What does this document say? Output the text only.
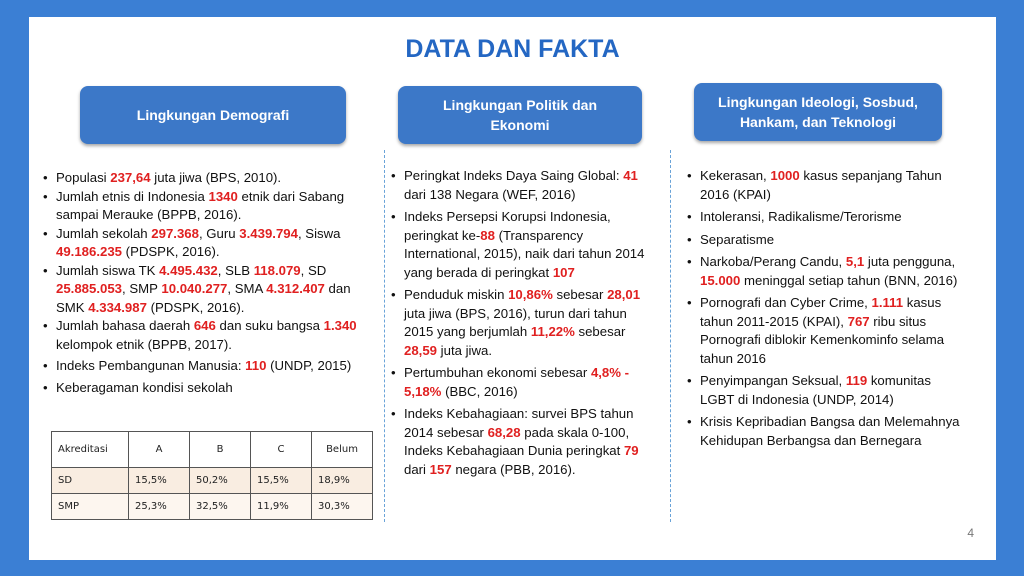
DATA DAN FAKTA
Lingkungan Demografi
Lingkungan Politik dan Ekonomi
Lingkungan Ideologi, Sosbud, Hankam, dan Teknologi
• Populasi 237,64 juta jiwa (BPS, 2010).
• Jumlah etnis di Indonesia 1340 etnik dari Sabang sampai Merauke (BPPB, 2016).
• Jumlah sekolah 297.368, Guru 3.439.794, Siswa 49.186.235 (PDSPK, 2016).
• Jumlah siswa TK 4.495.432, SLB 118.079, SD 25.885.053, SMP 10.040.277, SMA 4.312.407 dan SMK 4.334.987 (PDSPK, 2016).
• Jumlah bahasa daerah 646 dan suku bangsa 1.340 kelompok etnik (BPPB, 2017).
• Indeks Pembangunan Manusia: 110 (UNDP, 2015)
• Keberagaman kondisi sekolah
• Peringkat Indeks Daya Saing Global: 41 dari 138 Negara (WEF, 2016)
• Indeks Persepsi Korupsi Indonesia, peringkat ke-88 (Transparency International, 2015), naik dari tahun 2014 yang berada di peringkat 107
• Penduduk miskin 10,86% sebesar 28,01 juta jiwa (BPS, 2016), turun dari tahun 2015 yang berjumlah 11,22% sebesar 28,59 juta jiwa.
• Pertumbuhan ekonomi sebesar 4,8% - 5,18% (BBC, 2016)
• Indeks Kebahagiaan: survei BPS tahun 2014 sebesar 68,28 pada skala 0-100, Indeks Kebahagiaan Dunia peringkat 79 dari 157 negara (PBB, 2016).
• Kekerasan, 1000 kasus sepanjang Tahun 2016 (KPAI)
• Intoleransi, Radikalisme/Terorisme
• Separatisme
• Narkoba/Perang Candu, 5,1 juta pengguna, 15.000 meninggal setiap tahun (BNN, 2016)
• Pornografi dan Cyber Crime, 1.111 kasus tahun 2011-2015 (KPAI), 767 ribu situs Pornografi diblokir Kemenkominfo selama tahun 2016
• Penyimpangan Seksual, 119 komunitas LGBT di Indonesia (UNDP, 2014)
• Krisis Kepribadian Bangsa dan Melemahnya Kehidupan Berbangsa dan Bernegara
Akreditasi	A	B	C	Belum
SD	15,5%	50,2%	15,5%	18,9%
SMP	25,3%	32,5%	11,9%	30,3%
4
